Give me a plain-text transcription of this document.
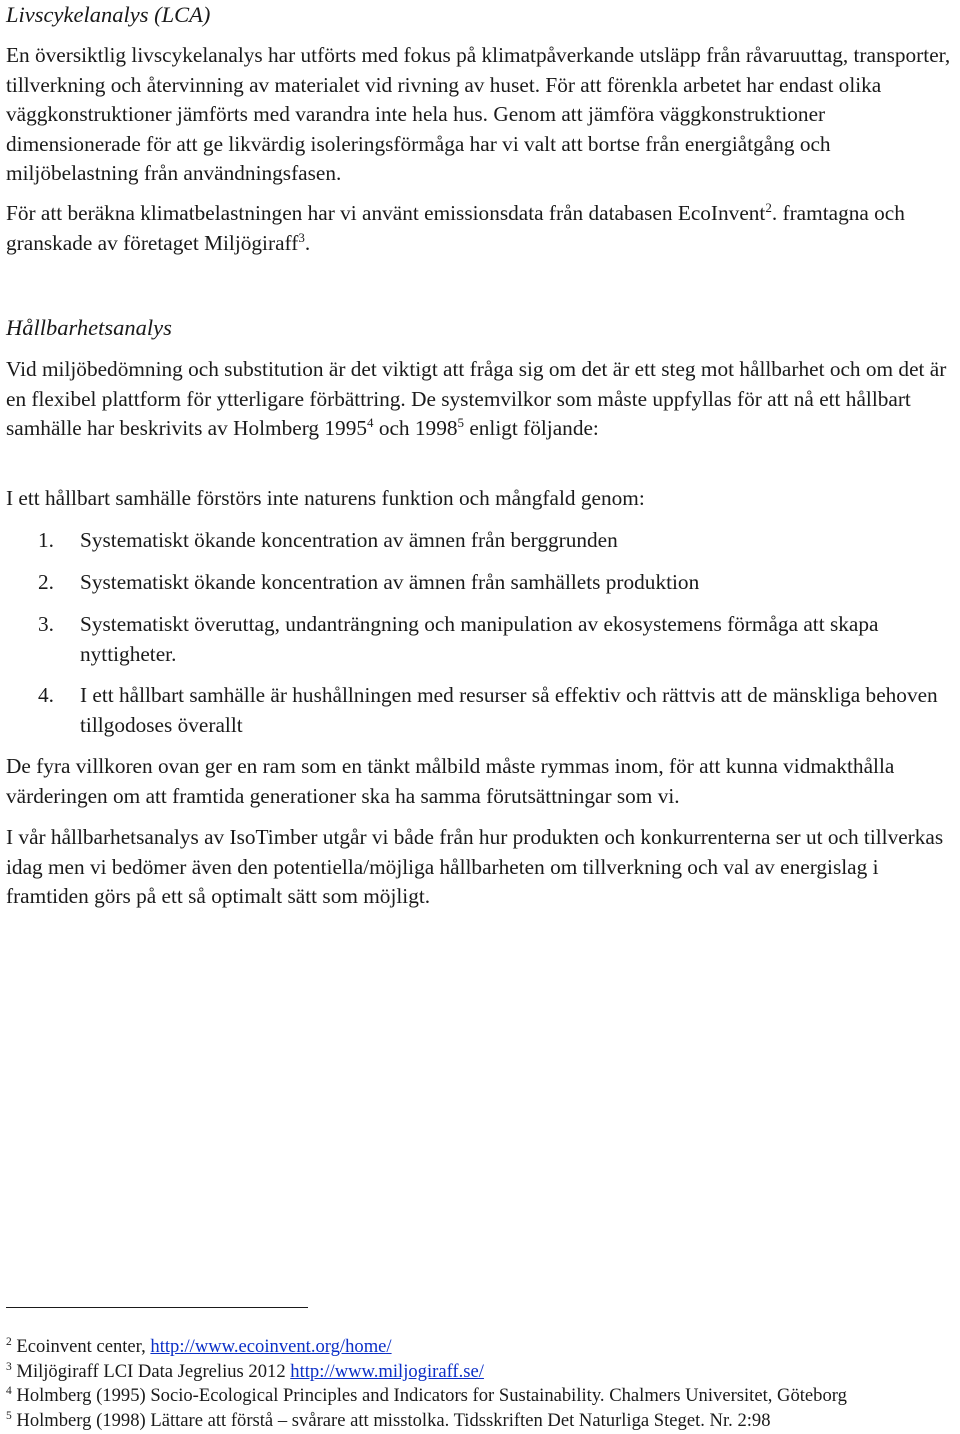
Livscykelanalys (LCA)

En översiktlig livscykelanalys har utförts med fokus på klimatpåverkande utsläpp från råvaruuttag, transporter, tillverkning och återvinning av materialet vid rivning av huset. För att förenkla arbetet har endast olika väggkonstruktioner jämförts med varandra inte hela hus. Genom att jämföra väggkonstruktioner dimensionerade för att ge likvärdig isoleringsförmåga har vi valt att bortse från energiåtgång och miljöbelastning från användningsfasen.

För att beräkna klimatbelastningen har vi använt emissionsdata från databasen EcoInvent$^2$. framtagna och granskade av företaget Miljögiraff$^3$.

Hållbarhetsanalys

Vid miljöbedömning och substitution är det viktigt att fråga sig om det är ett steg mot hållbarhet och om det är en flexibel plattform för ytterligare förbättring. De systemvilkor som måste uppfyllas för att nå ett hållbart samhälle har beskrivits av Holmberg 1995$^4$ och 1998$^5$ enligt följande:

I ett hållbart samhälle förstörs inte naturens funktion och mångfald genom:

1. Systematiskt ökande koncentration av ämnen från berggrunden
2. Systematiskt ökande koncentration av ämnen från samhällets produktion
3. Systematiskt överuttag, undanträngning och manipulation av ekosystemens förmåga att skapa nyttigheter.
4. I ett hållbart samhälle är hushållningen med resurser så effektiv och rättvis att de mänskliga behoven tillgodoses överallt

De fyra villkoren ovan ger en ram som en tänkt målbild måste rymmas inom, för att kunna vidmakthålla värderingen om att framtida generationer ska ha samma förutsättningar som vi.

I vår hållbarhetsanalys av IsoTimber utgår vi både från hur produkten och konkurrenterna ser ut och tillverkas idag men vi bedömer även den potentiella/möjliga hållbarheten om tillverkning och val av energislag i framtiden görs på ett så optimalt sätt som möjligt.

$^2$ Ecoinvent center, http://www.ecoinvent.org/home/
$^3$ Miljögiraff LCI Data Jegrelius 2012 http://www.miljogiraff.se/
$^4$ Holmberg (1995) Socio-Ecological Principles and Indicators for Sustainability. Chalmers Universitet, Göteborg
$^5$ Holmberg (1998) Lättare att förstå – svårare att misstolka. Tidsskriften Det Naturliga Steget. Nr. 2:98
